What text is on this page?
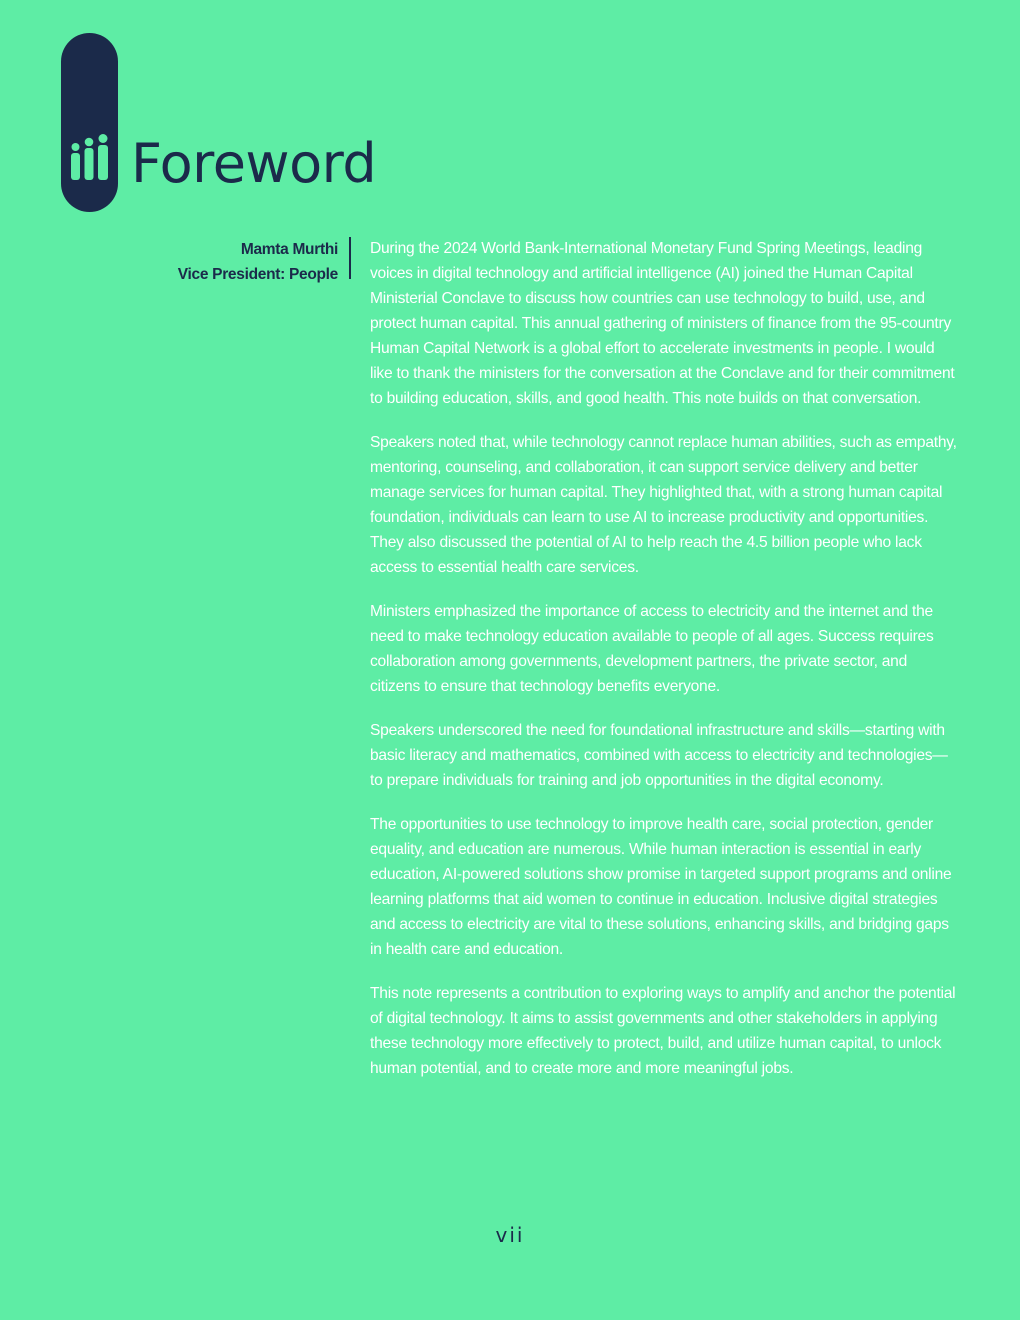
Foreword
Mamta Murthi
Vice President: People

During the 2024 World Bank-International Monetary Fund Spring Meetings, leading voices in digital technology and artificial intelligence (AI) joined the Human Capital Ministerial Conclave to discuss how countries can use technology to build, use, and protect human capital. This annual gathering of ministers of finance from the 95-country Human Capital Network is a global effort to accelerate investments in people. I would like to thank the ministers for the conversation at the Conclave and for their commitment to building education, skills, and good health. This note builds on that conversation.

Speakers noted that, while technology cannot replace human abilities, such as empathy, mentoring, counseling, and collaboration, it can support service delivery and better manage services for human capital. They highlighted that, with a strong human capital foundation, individuals can learn to use AI to increase productivity and opportunities. They also discussed the potential of AI to help reach the 4.5 billion people who lack access to essential health care services.

Ministers emphasized the importance of access to electricity and the internet and the need to make technology education available to people of all ages. Success requires collaboration among governments, development partners, the private sector, and citizens to ensure that technology benefits everyone.

Speakers underscored the need for foundational infrastructure and skills—starting with basic literacy and mathematics, combined with access to electricity and technologies—to prepare individuals for training and job opportunities in the digital economy.

The opportunities to use technology to improve health care, social protection, gender equality, and education are numerous. While human interaction is essential in early education, AI-powered solutions show promise in targeted support programs and online learning platforms that aid women to continue in education. Inclusive digital strategies and access to electricity are vital to these solutions, enhancing skills, and bridging gaps in health care and education.

This note represents a contribution to exploring ways to amplify and anchor the potential of digital technology. It aims to assist governments and other stakeholders in applying these technology more effectively to protect, build, and utilize human capital, to unlock human potential, and to create more and more meaningful jobs.

vii
